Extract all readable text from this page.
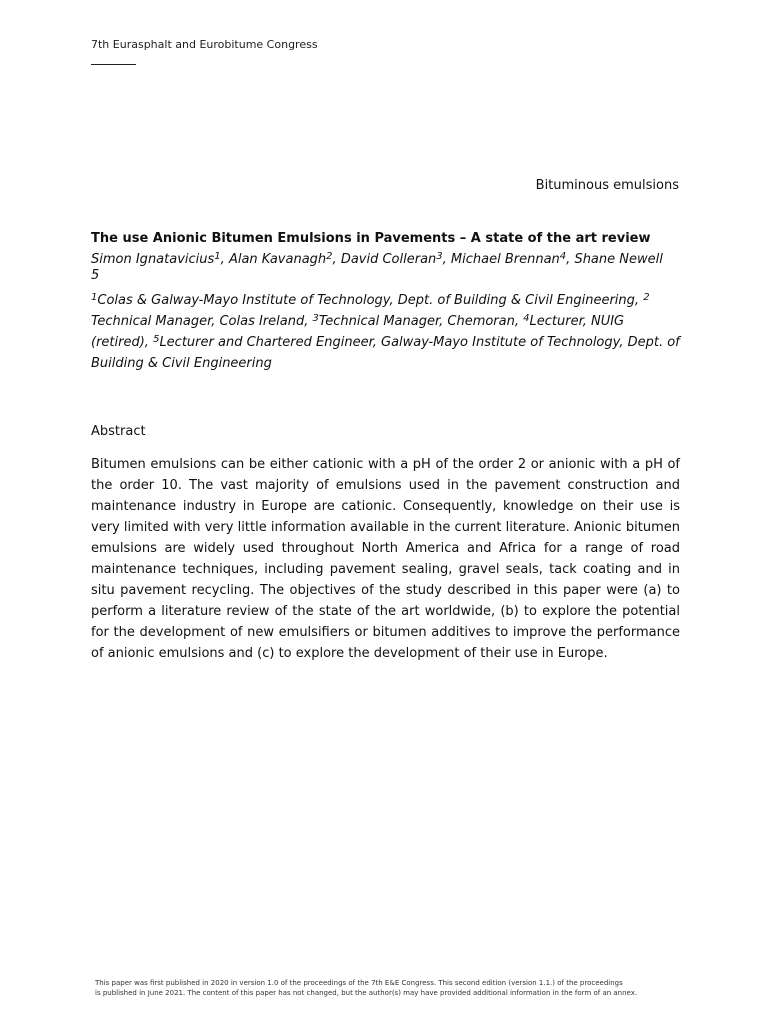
7th Eurasphalt and Eurobitume Congress
Bituminous emulsions
The use Anionic Bitumen Emulsions in Pavements – A state of the art review
Simon Ignatavicius$^1$, Alan Kavanagh$^2$, David Colleran$^3$, Michael Brennan$^4$, Shane Newell
5
$^1$Colas & Galway-Mayo Institute of Technology, Dept. of Building & Civil Engineering, $^2$ Technical Manager, Colas Ireland, $^3$Technical Manager, Chemoran, $^4$Lecturer, NUIG (retired), $^5$Lecturer and Chartered Engineer, Galway-Mayo Institute of Technology, Dept. of Building & Civil Engineering
Abstract

Bitumen emulsions can be either cationic with a pH of the order 2 or anionic with a pH of the order 10. The vast majority of emulsions used in the pavement construction and maintenance industry in Europe are cationic. Consequently, knowledge on their use is very limited with very little information available in the current literature. Anionic bitumen emulsions are widely used throughout North America and Africa for a range of road maintenance techniques, including pavement sealing, gravel seals, tack coating and in situ pavement recycling. The objectives of the study described in this paper were (a) to perform a literature review of the state of the art worldwide, (b) to explore the potential for the development of new emulsifiers or bitumen additives to improve the performance of anionic emulsions and (c) to explore the development of their use in Europe.

This paper was first published in 2020 in version 1.0 of the proceedings of the 7th E&E Congress. This second edition (version 1.1.) of the proceedings
is published in June 2021. The content of this paper has not changed, but the author(s) may have provided additional information in the form of an annex.
